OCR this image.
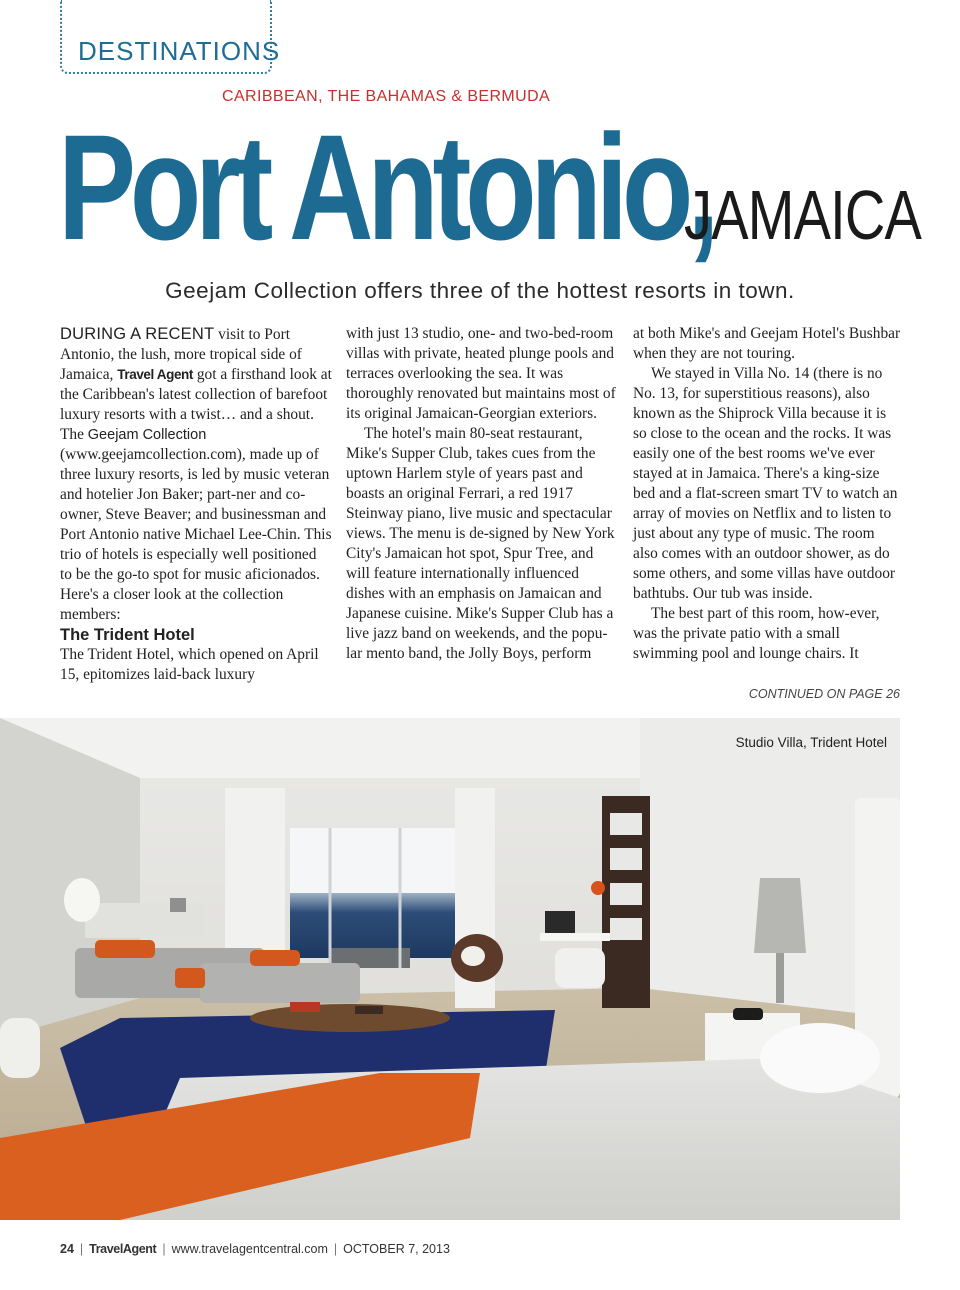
DESTINATIONS
CARIBBEAN, THE BAHAMAS & BERMUDA
Port Antonio,
JAMAICA
Geejam Collection offers three of the hottest resorts in town.

DURING A RECENT visit to Port Antonio, the lush, more tropical side of Jamaica, Travel Agent got a firsthand look at the Caribbean's latest collection of barefoot luxury resorts with a twist… and a shout. The Geejam Collection (www.geejamcollection.com), made up of three luxury resorts, is led by music veteran and hotelier Jon Baker; part-ner and co-owner, Steve Beaver; and businessman and Port Antonio native Michael Lee-Chin. This trio of hotels is especially well positioned to be the go-to spot for music aficionados. Here's a closer look at the collection members:

The Trident Hotel

The Trident Hotel, which opened on April 15, epitomizes laid-back luxury

with just 13 studio, one- and two-bed-room villas with private, heated plunge pools and terraces overlooking the sea. It was thoroughly renovated but maintains most of its original Jamaican-Georgian exteriors.

The hotel's main 80-seat restaurant, Mike's Supper Club, takes cues from the uptown Harlem style of years past and boasts an original Ferrari, a red 1917 Steinway piano, live music and spectacular views. The menu is de-signed by New York City's Jamaican hot spot, Spur Tree, and will feature internationally influenced dishes with an emphasis on Jamaican and Japanese cuisine. Mike's Supper Club has a live jazz band on weekends, and the popu-lar mento band, the Jolly Boys, perform

at both Mike's and Geejam Hotel's Bushbar when they are not touring.

We stayed in Villa No. 14 (there is no No. 13, for superstitious reasons), also known as the Shiprock Villa because it is so close to the ocean and the rocks. It was easily one of the best rooms we've ever stayed at in Jamaica. There's a king-size bed and a flat-screen smart TV to watch an array of movies on Netflix and to listen to just about any type of music. The room also comes with an outdoor shower, as do some others, and some villas have outdoor bathtubs. Our tub was inside.

The best part of this room, how-ever, was the private patio with a small swimming pool and lounge chairs. It

CONTINUED ON PAGE 26
Studio Villa, Trident Hotel
24 | TravelAgent | www.travelagentcentral.com | OCTOBER 7, 2013
